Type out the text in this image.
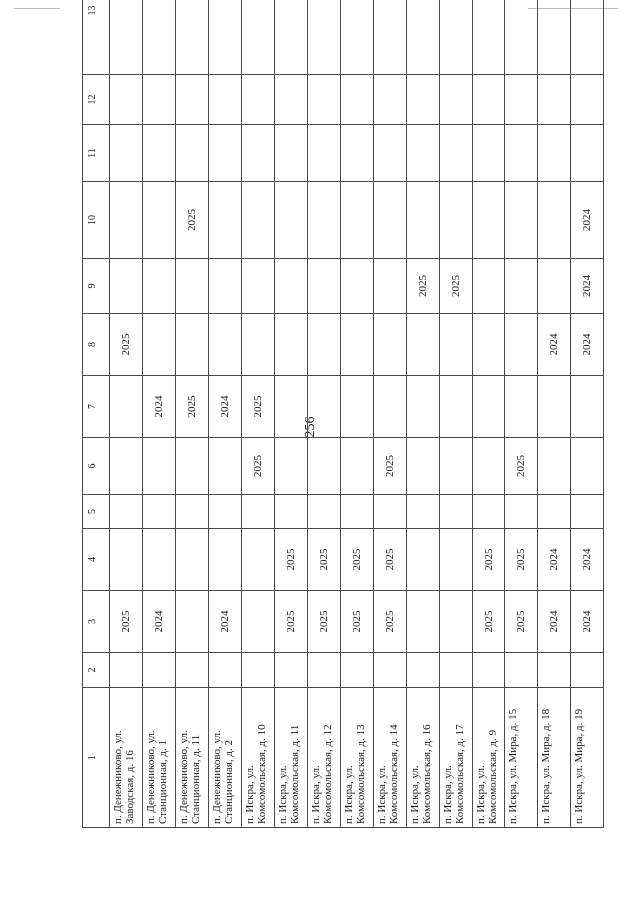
256
1	2	3	4	5	6	7	8	9	10	11	12	13
п. Денежниково, ул. Заводская, д. 16		2025					2025					
п. Денежниково, ул. Станционная, д. 1		2024				2024						
п. Денежниково, ул. Станционная, д. 11						2025			2025			
п. Денежниково, ул. Станционная, д. 2		2024				2024						
п. Искра, ул. Комсомольская, д. 10					2025	2025						
п. Искра, ул. Комсомольская, д. 11		2025	2025									
п. Искра, ул. Комсомольская, д. 12		2025	2025									
п. Искра, ул. Комсомольская, д. 13		2025	2025									
п. Искра, ул. Комсомольская, д. 14		2025	2025		2025							
п. Искра, ул. Комсомольская, д. 16								2025				
п. Искра, ул. Комсомольская, д. 17								2025				
п. Искра, ул. Комсомольская, д. 9		2025	2025									
п. Искра, ул. Мира, д. 15		2025	2025		2025							
п. Искра, ул. Мира, д. 18		2024	2024				2024					
п. Искра, ул. Мира, д. 19		2024	2024				2024	2024	2024			
